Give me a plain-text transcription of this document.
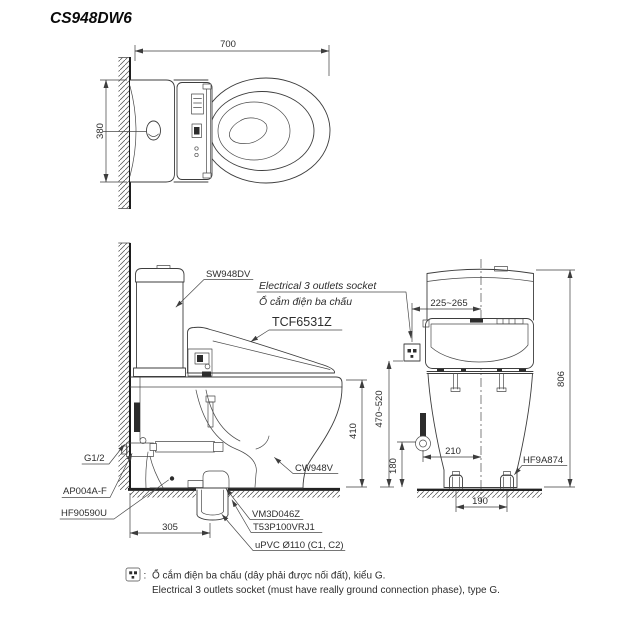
CS948DW6
700
380
410
470~520
305
SW948DV
Electrical 3 outlets socket
Ổ cắm điện ba chấu
TCF6531Z
CW948V
G1/2
AP004A-F
HF90590U	VM3D046Z
T53P100VRJ1
uPVC Ø110 (C1, C2)
225~265
806
180
210
190
HF9A874
: Ổ cắm điện ba chấu (dây phải được nối đất), kiểu G.
Electrical 3 outlets socket (must have really ground connection phase), type G.
